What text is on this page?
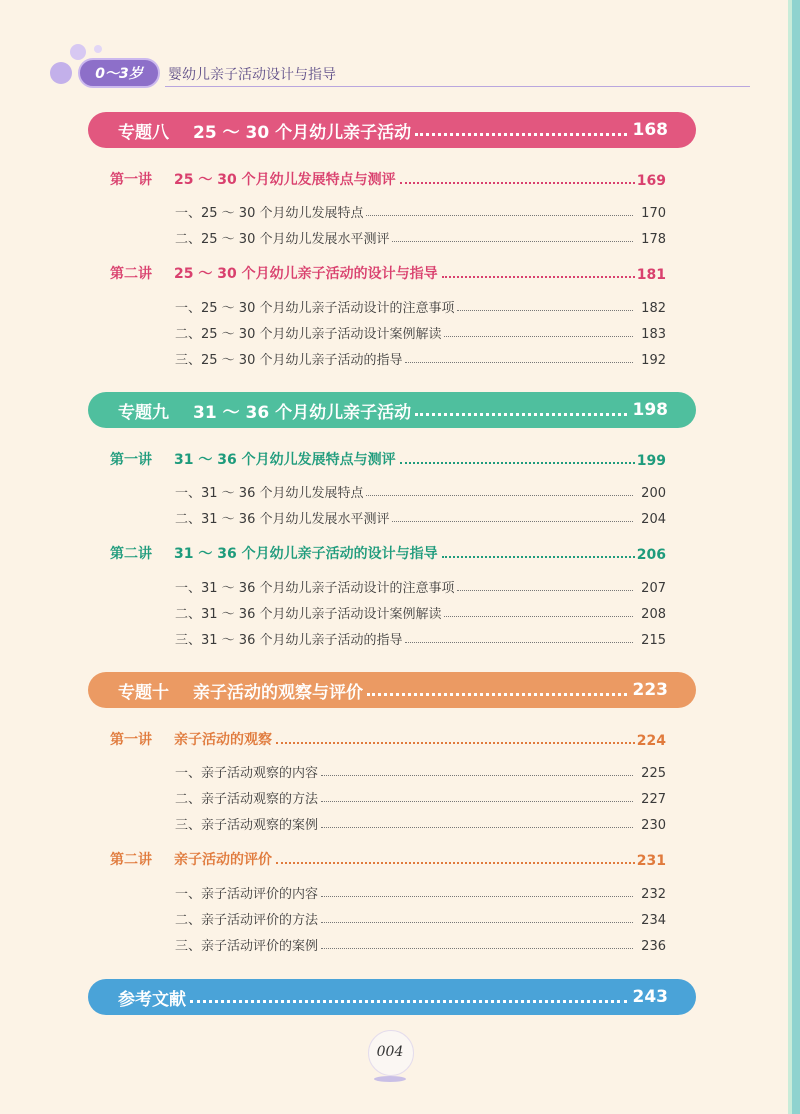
0～3岁	婴幼儿亲子活动设计与指导
专题八 25 ～ 30 个月幼儿亲子活动	168
第一讲	25 ～ 30 个月幼儿发展特点与测评	169
一、25 ～ 30 个月幼儿发展特点	170
二、25 ～ 30 个月幼儿发展水平测评	178
第二讲	25 ～ 30 个月幼儿亲子活动的设计与指导	181
一、25 ～ 30 个月幼儿亲子活动设计的注意事项	182
二、25 ～ 30 个月幼儿亲子活动设计案例解读	183
三、25 ～ 30 个月幼儿亲子活动的指导	192
专题九 31 ～ 36 个月幼儿亲子活动	198
第一讲	31 ～ 36 个月幼儿发展特点与测评	199
一、31 ～ 36 个月幼儿发展特点	200
二、31 ～ 36 个月幼儿发展水平测评	204
第二讲	31 ～ 36 个月幼儿亲子活动的设计与指导	206
一、31 ～ 36 个月幼儿亲子活动设计的注意事项	207
二、31 ～ 36 个月幼儿亲子活动设计案例解读	208
三、31 ～ 36 个月幼儿亲子活动的指导	215
专题十 亲子活动的观察与评价	223
第一讲	亲子活动的观察	224
一、亲子活动观察的内容	225
二、亲子活动观察的方法	227
三、亲子活动观察的案例	230
第二讲	亲子活动的评价	231
一、亲子活动评价的内容	232
二、亲子活动评价的方法	234
三、亲子活动评价的案例	236
参考文献	243
004
